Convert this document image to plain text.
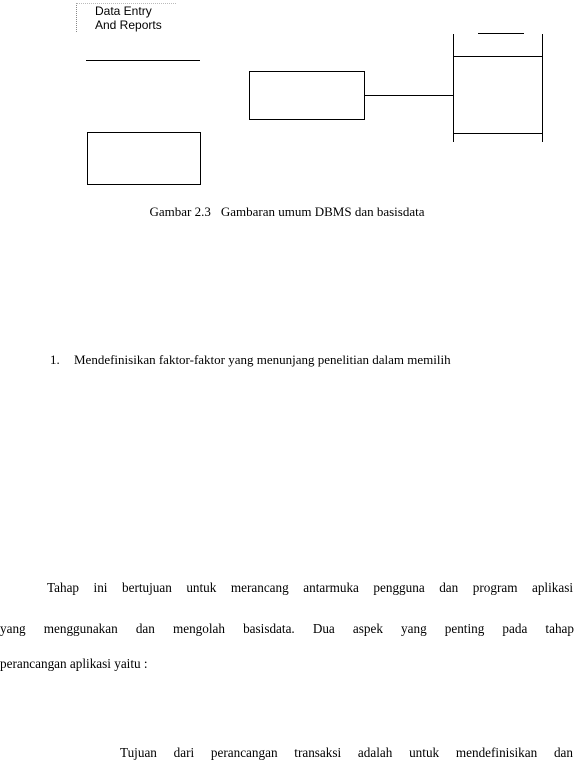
Data Entry
And Reports
Gambar 2.3 Gambaran umum DBMS dan basisdata
1. Mendefinisikan faktor-faktor yang menunjang penelitian dalam memilih
Tahap ini bertujuan untuk merancang antarmuka pengguna dan program aplikasi
yang menggunakan dan mengolah basisdata. Dua aspek yang penting pada tahap
perancangan aplikasi yaitu :
Tujuan dari perancangan transaksi adalah untuk mendefinisikan dan
